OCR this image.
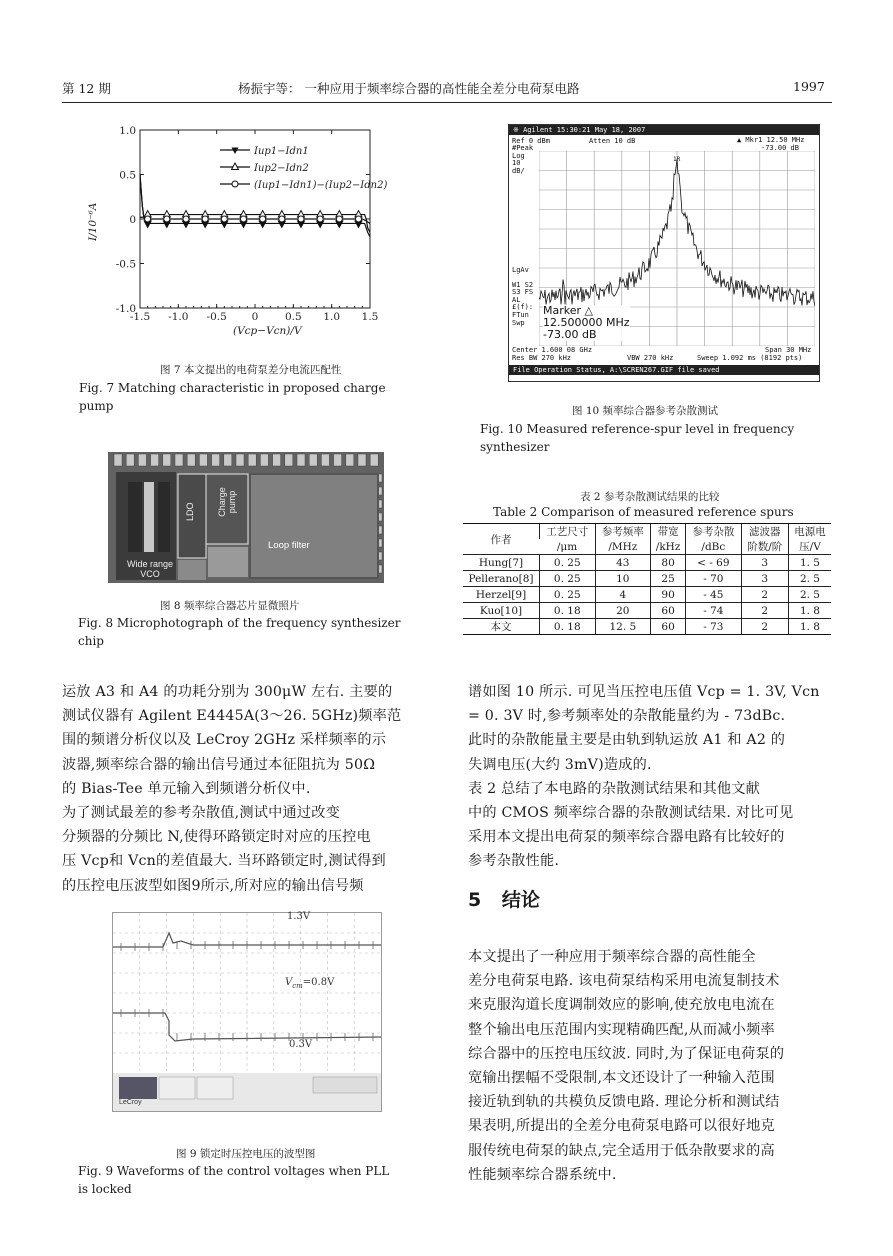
第 12 期	杨振宇等： 一种应用于频率综合器的高性能全差分电荷泵电路	1997
1.0
0.5
0
-0.5
-1.0
-1.5 -1.0 -0.5 0	0.5 1.0 1.5
I/10⁻⁶A
(Vcp−Vcn)/V
Iup1−Idn1
Iup2−Idn2
(Iup1−Idn1)−(Iup2−Idn2)
图 7 本文提出的电荷泵差分电流匹配性
Fig. 7 Matching characteristic in proposed charge
pump
Wide range
VCO
LDO Charge
pump
Loop filter
图 8 频率综合器芯片显微照片
Fig. 8 Microphotograph of the frequency synthesizer
chip
运放 A3 和 A4 的功耗分别为 300μW 左右. 主要的
测试仪器有 Agilent E4445A(3～26. 5GHz)频率范
围的频谱分析仪以及 LeCroy 2GHz 采样频率的示
波器,频率综合器的输出信号通过本征阻抗为 50Ω
的 Bias-Tee 单元输入到频谱分析仪中.
为了测试最差的参考杂散值,测试中通过改变
分频器的分频比 N,使得环路锁定时对应的压控电
压 Vcp和 Vcn的差值最大. 当环路锁定时,测试得到
的压控电压波型如图9所示,所对应的输出信号频
1.3V
$V_{cm}=0.8V$
0.3V
LeCroy
图 9 锁定时压控电压的波型图
Fig. 9 Waveforms of the control voltages when PLL
is locked
※ Agilent 15:30:21 May 18, 2007
Ref 0 dBm	Atten 10 dB	▲ Mkr1 12.50 MHz
-73.00 dB
#Peak
Log
10
dB/
LgAv
W1 S2
S3 FS
AL
£(f):
FTun
Swp
1R
Marker △
12.500000 MHz
-73.00 dB
Center 1.600 08 GHz	Span 30 MHz
Res BW 270 kHz	VBW 270 kHz	Sweep 1.092 ms (8192 pts)
File Operation Status, A:\SCREN267.GIF file saved
图 10 频率综合器参考杂散测试
Fig. 10 Measured reference-spur level in frequency
synthesizer
表 2 参考杂散测试结果的比较
Table 2 Comparison of measured reference spurs
作者	工艺尺寸	参考频率	带宽	参考杂散	滤波器	电源电
	/μm	/MHz	/kHz	/dBc	阶数/阶	压/V
Hung[7]	0. 25	43	80	< - 69	3	1. 5
Pellerano[8]	0. 25	10	25	- 70	3	2. 5
Herzel[9]	0. 25	4	90	- 45	2	2. 5
Kuo[10]	0. 18	20	60	- 74	2	1. 8
本文	0. 18	12. 5	60	- 73	2	1. 8
谱如图 10 所示. 可见当压控电压值 Vcp = 1. 3V, Vcn
= 0. 3V 时,参考频率处的杂散能量约为 - 73dBc.
此时的杂散能量主要是由轨到轨运放 A1 和 A2 的
失调电压(大约 3mV)造成的.
表 2 总结了本电路的杂散测试结果和其他文献
中的 CMOS 频率综合器的杂散测试结果. 对比可见
采用本文提出电荷泵的频率综合器电路有比较好的
参考杂散性能.
5 结论
本文提出了一种应用于频率综合器的高性能全
差分电荷泵电路. 该电荷泵结构采用电流复制技术
来克服沟道长度调制效应的影响,使充放电电流在
整个输出电压范围内实现精确匹配,从而减小频率
综合器中的压控电压纹波. 同时,为了保证电荷泵的
宽输出摆幅不受限制,本文还设计了一种输入范围
接近轨到轨的共模负反馈电路. 理论分析和测试结
果表明,所提出的全差分电荷泵电路可以很好地克
服传统电荷泵的缺点,完全适用于低杂散要求的高
性能频率综合器系统中.
